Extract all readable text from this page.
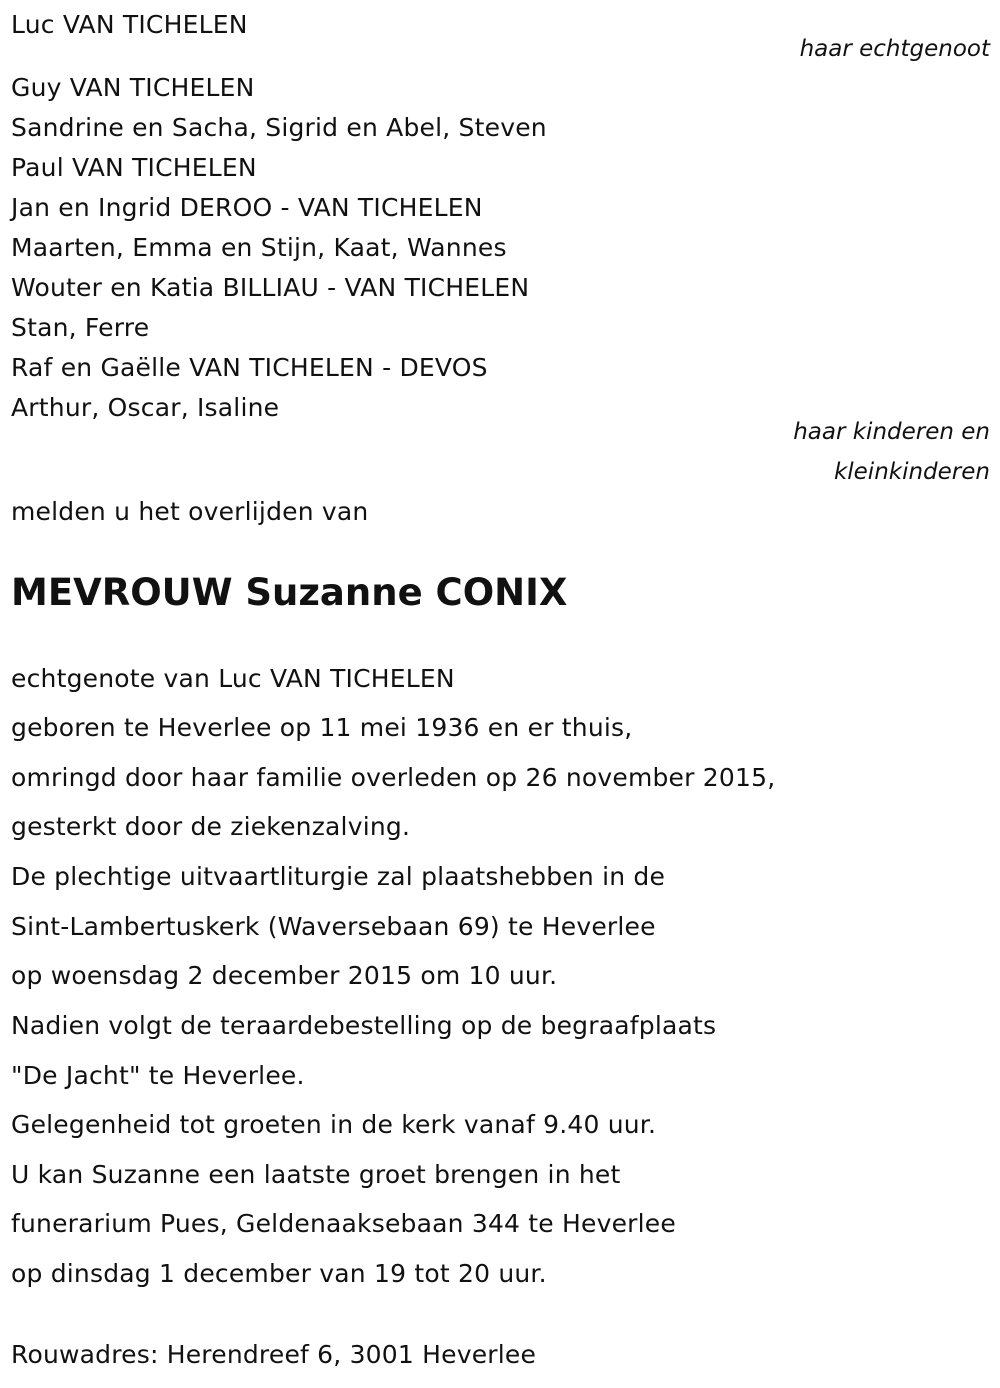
Luc VAN TICHELEN
haar echtgenoot
Guy VAN TICHELEN
Sandrine en Sacha, Sigrid en Abel, Steven
Paul VAN TICHELEN
Jan en Ingrid DEROO - VAN TICHELEN
Maarten, Emma en Stijn, Kaat, Wannes
Wouter en Katia BILLIAU - VAN TICHELEN
Stan, Ferre
Raf en Gaëlle VAN TICHELEN - DEVOS
Arthur, Oscar, Isaline
haar kinderen en
kleinkinderen
melden u het overlijden van
MEVROUW Suzanne CONIX
echtgenote van Luc VAN TICHELEN
geboren te Heverlee op 11 mei 1936 en er thuis,
omringd door haar familie overleden op 26 november 2015,
gesterkt door de ziekenzalving.
De plechtige uitvaartliturgie zal plaatshebben in de
Sint-Lambertuskerk (Waversebaan 69) te Heverlee
op woensdag 2 december 2015 om 10 uur.
Nadien volgt de teraardebestelling op de begraafplaats
"De Jacht" te Heverlee.
Gelegenheid tot groeten in de kerk vanaf 9.40 uur.
U kan Suzanne een laatste groet brengen in het
funerarium Pues, Geldenaaksebaan 344 te Heverlee
op dinsdag 1 december van 19 tot 20 uur.
Rouwadres: Herendreef 6, 3001 Heverlee
